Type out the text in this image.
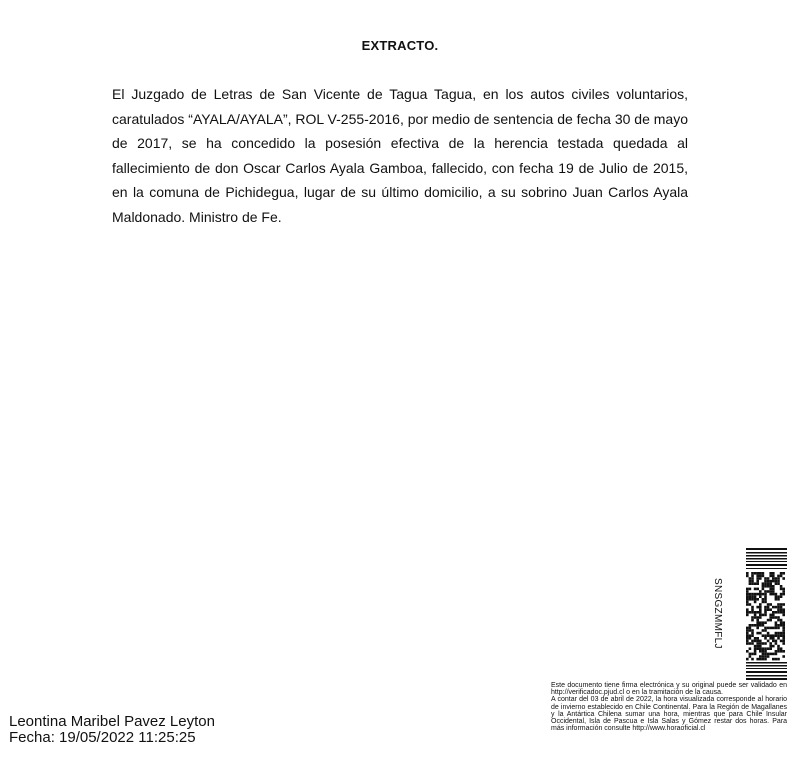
EXTRACTO.
El Juzgado de Letras de San Vicente de Tagua Tagua, en los autos civiles voluntarios, caratulados “AYALA/AYALA”, ROL V-255-2016, por medio de sentencia de fecha 30 de mayo de 2017, se ha concedido la posesión efectiva de la herencia testada quedada al fallecimiento de don Oscar Carlos Ayala Gamboa, fallecido, con fecha 19 de Julio de 2015, en la comuna de Pichidegua, lugar de su último domicilio, a su sobrino Juan Carlos Ayala Maldonado. Ministro de Fe.
SNSGZMMFLJ

Este documento tiene firma electrónica y su original puede ser validado en http://verificadoc.pjud.cl o en la tramitación de la causa.

A contar del 03 de abril de 2022, la hora visualizada corresponde al horario de invierno establecido en Chile Continental. Para la Región de Magallanes y la Antártica Chilena sumar una hora, mientras que para Chile Insular Occidental, Isla de Pascua e Isla Salas y Gómez restar dos horas. Para más información consulte http://www.horaoficial.cl

Leontina Maribel Pavez Leyton
Fecha: 19/05/2022 11:25:25
